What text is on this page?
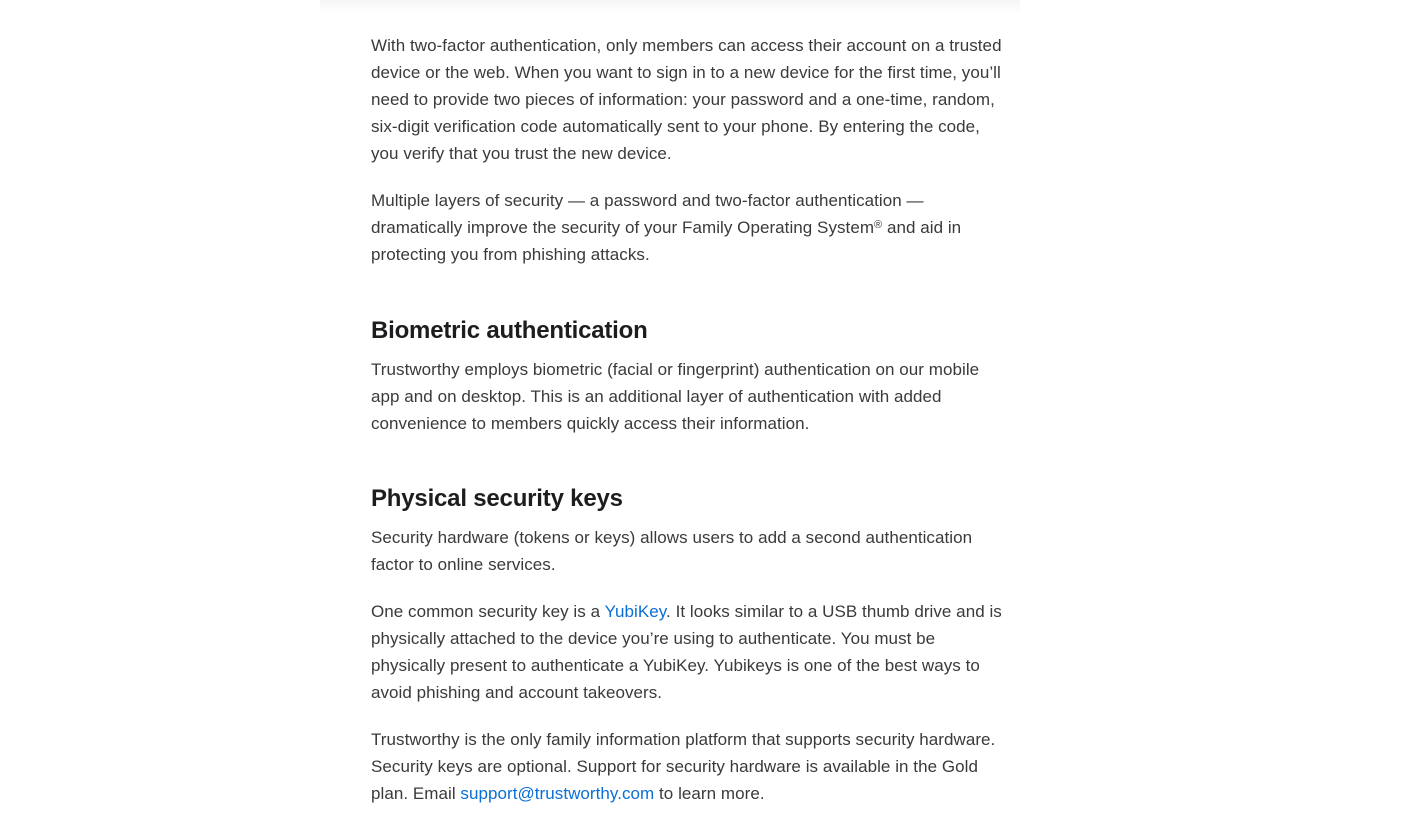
With two-factor authentication, only members can access their account on a trusted device or the web. When you want to sign in to a new device for the first time, you’ll need to provide two pieces of information: your password and a one-time, random, six-digit verification code automatically sent to your phone. By entering the code, you verify that you trust the new device.

Multiple layers of security — a password and two-factor authentication — dramatically improve the security of your Family Operating System® and aid in protecting you from phishing attacks.

Biometric authentication

Trustworthy employs biometric (facial or fingerprint) authentication on our mobile app and on desktop. This is an additional layer of authentication with added convenience to members quickly access their information.

Physical security keys

Security hardware (tokens or keys) allows users to add a second authentication factor to online services.

One common security key is a YubiKey. It looks similar to a USB thumb drive and is physically attached to the device you’re using to authenticate. You must be physically present to authenticate a YubiKey. Yubikeys is one of the best ways to avoid phishing and account takeovers.

Trustworthy is the only family information platform that supports security hardware. Security keys are optional. Support for security hardware is available in the Gold plan. Email support@trustworthy.com to learn more.
